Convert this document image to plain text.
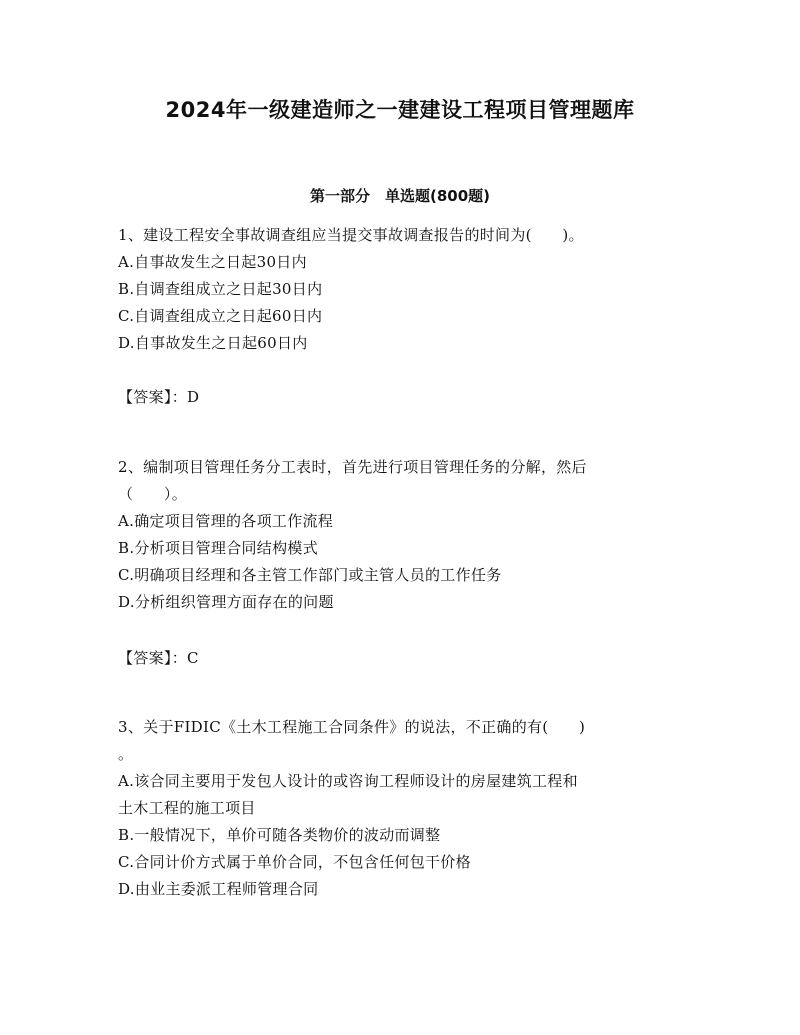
2024年一级建造师之一建建设工程项目管理题库
第一部分　单选题(800题)
1、建设工程安全事故调查组应当提交事故调查报告的时间为(　　)。
A.自事故发生之日起30日内
B.自调查组成立之日起30日内
C.自调查组成立之日起60日内
D.自事故发生之日起60日内
【答案】：D
2、编制项目管理任务分工表时，首先进行项目管理任务的分解，然后
（　　）。
A.确定项目管理的各项工作流程
B.分析项目管理合同结构模式
C.明确项目经理和各主管工作部门或主管人员的工作任务
D.分析组织管理方面存在的问题
【答案】：C
3、关于FIDIC《土木工程施工合同条件》的说法，不正确的有(　　)
。
A.该合同主要用于发包人设计的或咨询工程师设计的房屋建筑工程和
土木工程的施工项目
B.一般情况下，单价可随各类物价的波动而调整
C.合同计价方式属于单价合同，不包含任何包干价格
D.由业主委派工程师管理合同
